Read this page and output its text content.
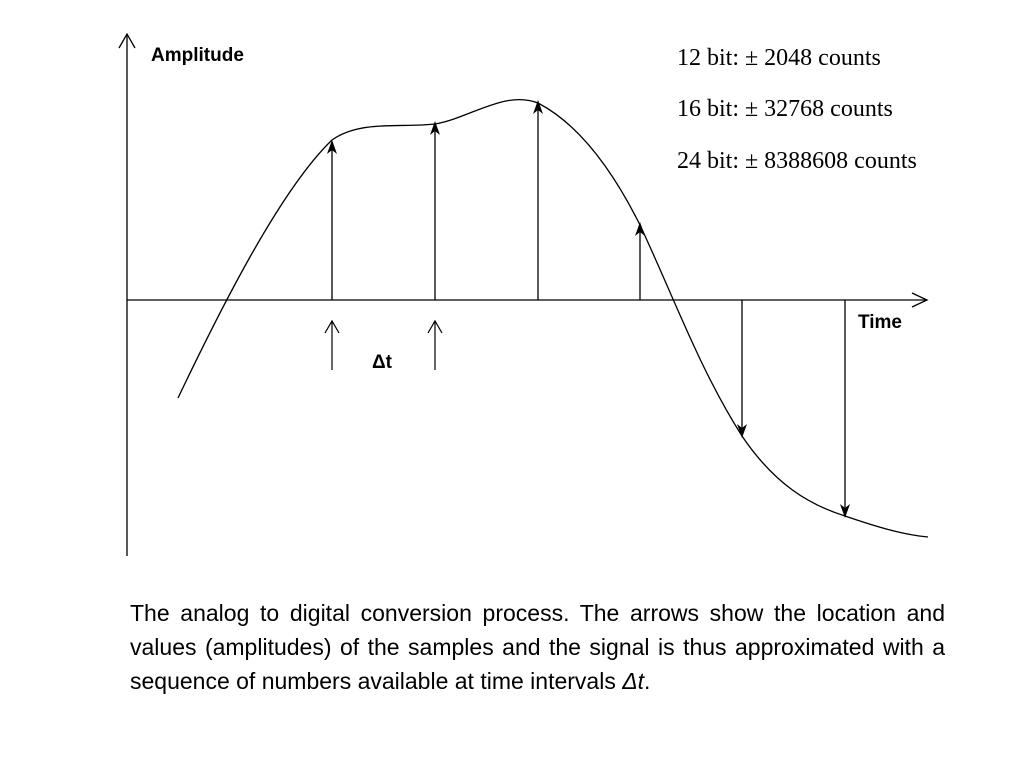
Amplitude
Time
Δt
12 bit: ± 2048 counts
16 bit: ± 32768 counts
24 bit: ± 8388608 counts

The analog to digital conversion process. The arrows show the location and values (amplitudes) of the samples and the signal is thus approximated with a sequence of numbers available at time intervals Δt.
